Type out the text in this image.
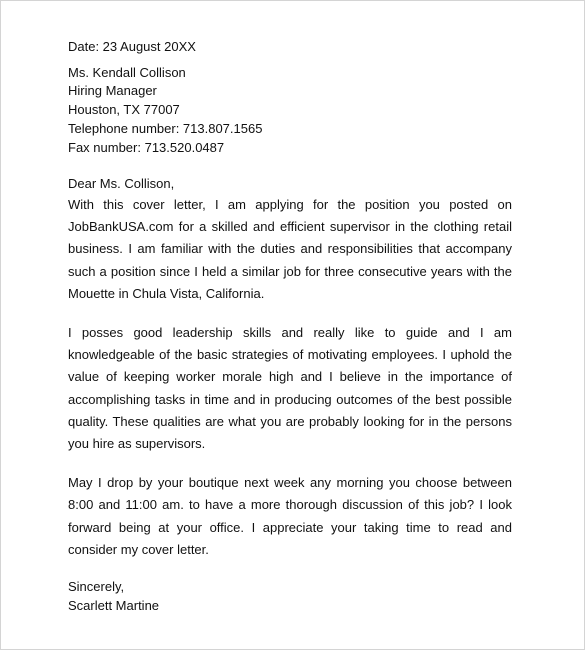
Date: 23 August 20XX
Ms. Kendall Collison
Hiring Manager
Houston, TX 77007
Telephone number: 713.807.1565
Fax number: 713.520.0487
Dear Ms. Collison,

With this cover letter, I am applying for the position you posted on JobBankUSA.com for a skilled and efficient supervisor in the clothing retail business. I am familiar with the duties and responsibilities that accompany such a position since I held a similar job for three consecutive years with the Mouette in Chula Vista, California.

I posses good leadership skills and really like to guide and I am knowledgeable of the basic strategies of motivating employees. I uphold the value of keeping worker morale high and I believe in the importance of accomplishing tasks in time and in producing outcomes of the best possible quality. These qualities are what you are probably looking for in the persons you hire as supervisors.

May I drop by your boutique next week any morning you choose between 8:00 and 11:00 am. to have a more thorough discussion of this job? I look forward being at your office. I appreciate your taking time to read and consider my cover letter.

Sincerely,
Scarlett Martine
